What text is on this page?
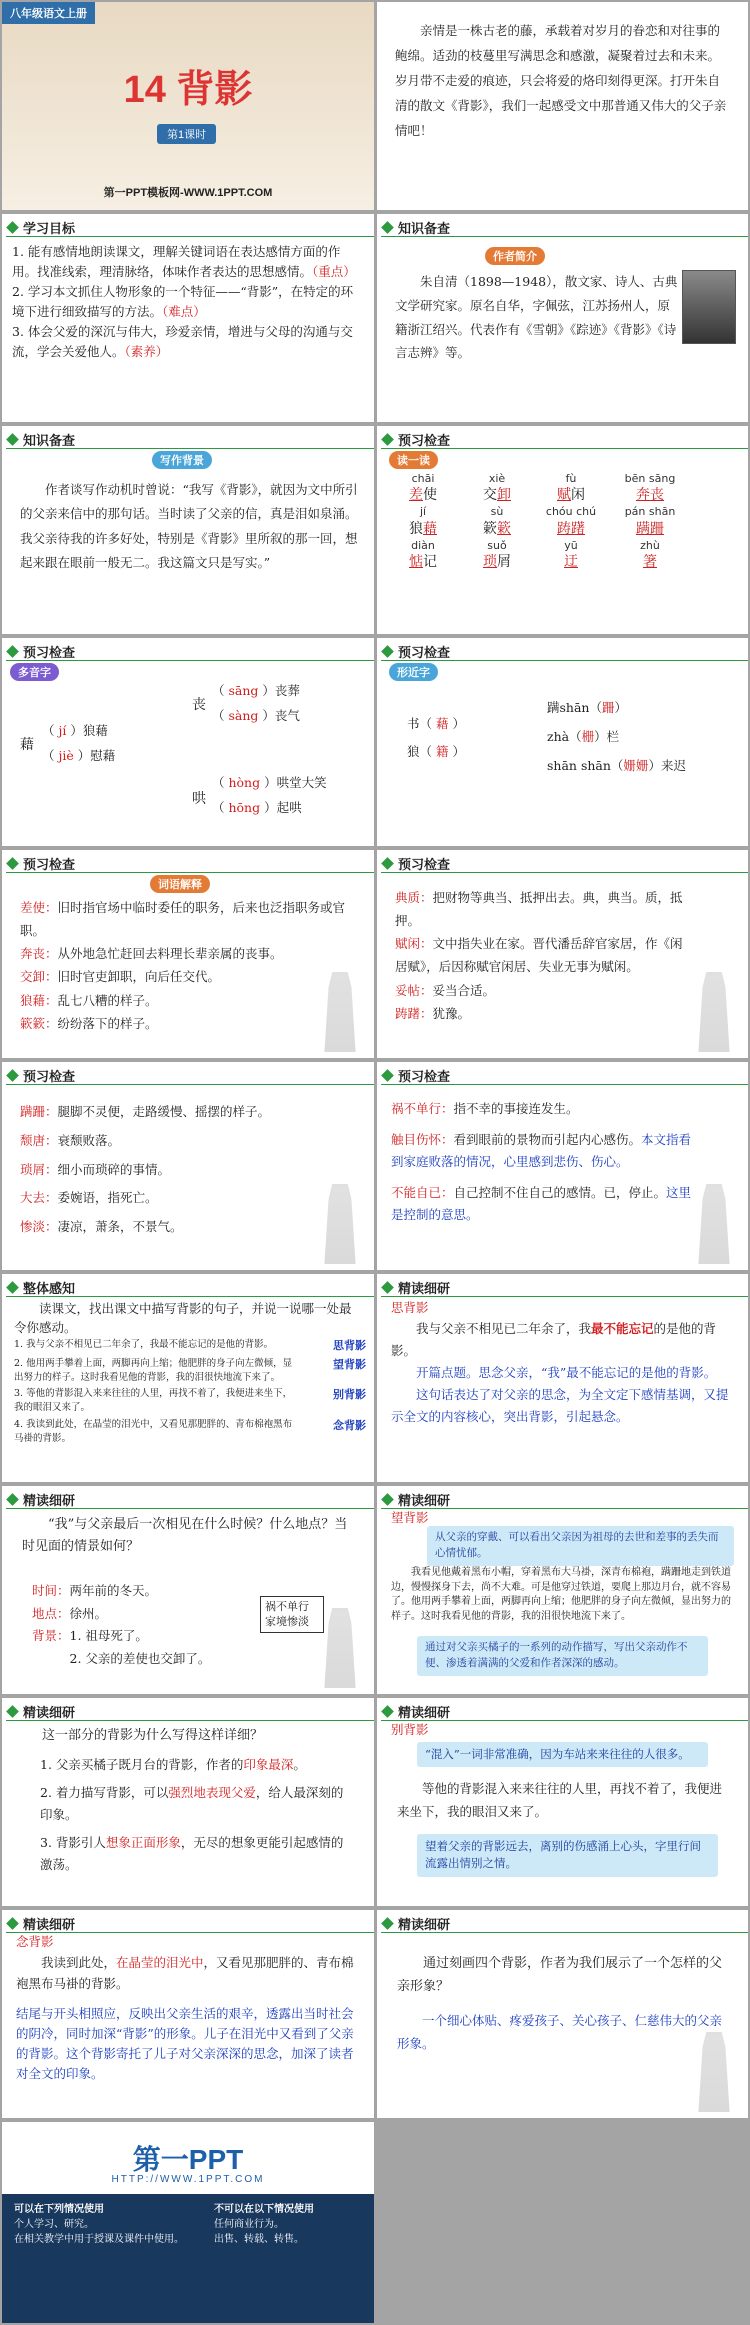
八年级语文上册
14 背影
第1课时
第一PPT模板网-WWW.1PPT.COM

亲情是一株古老的藤，承载着对岁月的眷恋和对往事的鲍绵。适劲的枝蔓里写满思念和感激，凝聚着过去和未来。岁月带不走爱的痕迹，只会将爱的烙印刻得更深。打开朱自清的散文《背影》，我们一起感受文中那普通又伟大的父子亲情吧！

学习目标

1. 能有感情地朗读课文，理解关键词语在表达感情方面的作用。找准线索，理清脉络，体味作者表达的思想感情。（重点）

2. 学习本文抓住人物形象的一个特征——“背影”，在特定的环境下进行细致描写的方法。（难点）

3. 体会父爱的深沉与伟大，珍爱亲情，增进与父母的沟通与交流，学会关爱他人。（素养）

知识备查
作者简介

朱自清（1898—1948），散文家、诗人、古典文学研究家。原名自华，字佩弦，江苏扬州人，原籍浙江绍兴。代表作有《雪朝》《踪迹》《背影》《诗言志辨》等。

知识备查
写作背景

作者谈写作动机时曾说：“我写《背影》，就因为文中所引的父亲来信中的那句话。当时读了父亲的信，真是泪如泉涌。我父亲待我的许多好处，特别是《背影》里所叙的那一回，想起来跟在眼前一般无二。我这篇文只是写实。”

预习检查
读一读
chāi
差使
xiè
交卸
fù
赋闲
bēn sāng
奔丧

jí
狼藉
sù
簌簌
chóu chú
踌躇
pán shān
蹒跚

diàn
惦记
suǒ
琐屑
yū
迂
zhù
箸

预习检查
多音字
藉
（ jí ）狼藉
（ jiè ）慰藉
丧
（ sāng ）丧葬
（ sàng ）丧气
哄
（ hòng ）哄堂大笑
（ hōng ）起哄
预习检查
形近字
书（ 藉 ）
狼（ 籍 ）
蹒shān（跚）
zhà（栅）栏
shān shān（姗姗）来迟
预习检查
词语解释

差使：旧时指官场中临时委任的职务，后来也泛指职务或官职。

奔丧：从外地急忙赶回去料理长辈亲属的丧事。

交卸：旧时官吏卸职，向后任交代。

狼藉：乱七八糟的样子。

簌簌：纷纷落下的样子。

预习检查

典质：把财物等典当、抵押出去。典，典当。质，抵押。

赋闲：文中指失业在家。晋代潘岳辞官家居，作《闲居赋》，后因称赋官闲居、失业无事为赋闲。

妥帖：妥当合适。

踌躇：犹豫。

预习检查

蹒跚：腿脚不灵便，走路缓慢、摇摆的样子。

颓唐：衰颓败落。

琐屑：细小而琐碎的事情。

大去：委婉语，指死亡。

惨淡：凄凉，萧条，不景气。

预习检查

祸不单行：指不幸的事接连发生。

触目伤怀：看到眼前的景物而引起内心感伤。本文指看到家庭败落的情况，心里感到悲伤、伤心。

不能自已：自己控制不住自己的感情。已，停止。这里是控制的意思。

整体感知

读课文，找出课文中描写背影的句子，并说一说哪一处最令你感动。

1. 我与父亲不相见已二年余了，我最不能忘记的是他的背影。	思背影
2. 他用两手攀着上面，两脚再向上缩；他肥胖的身子向左微倾，显出努力的样子。这时我看见他的背影，我的泪很快地流下来了。
望背影
3. 等他的背影混入来来往往的人里，再找不着了，我便进来坐下，我的眼泪又来了。
别背影
4. 我读到此处，在晶莹的泪光中，又看见那肥胖的、青布棉袍黑布马褂的背影。
念背影
精读细研
思背影

我与父亲不相见已二年余了，我最不能忘记的是他的背影。

开篇点题。思念父亲，“我”最不能忘记的是他的背影。

这句话表达了对父亲的思念，为全文定下感情基调，又提示全文的内容核心，突出背影，引起悬念。

精读细研

“我”与父亲最后一次相见在什么时候？什么地点？当时见面的情景如何？

时间：两年前的冬天。

地点：徐州。

背景：1. 祖母死了。

2. 父亲的差使也交卸了。

祸不单行 家境惨淡
精读细研
望背影
从父亲的穿戴、可以看出父亲因为祖母的去世和差事的丢失而心情忧郁。

我看见他戴着黑布小帽，穿着黑布大马褂，深青布棉袍，蹒跚地走到铁道边，慢慢探身下去，尚不大难。可是他穿过铁道，要爬上那边月台，就不容易了。他用两手攀着上面，两脚再向上缩；他肥胖的身子向左微倾，显出努力的样子。这时我看见他的背影，我的泪很快地流下来了。

通过对父亲买橘子的一系列的动作描写，写出父亲动作不便、渗透着满满的父爱和作者深深的感动。
精读细研

这一部分的背影为什么写得这样详细？

1. 父亲买橘子既月台的背影，作者的印象最深。

2. 着力描写背影，可以强烈地表现父爱，给人最深刻的印象。

3. 背影引人想象正面形象，无尽的想象更能引起感情的激荡。

精读细研
别背影
“混入”一词非常准确，因为车站来来往往的人很多。

等他的背影混入来来往往的人里，再找不着了，我便进来坐下，我的眼泪又来了。

望着父亲的背影远去，离别的伤感涌上心头，字里行间流露出情别之情。
精读细研
念背影

我读到此处，在晶莹的泪光中，又看见那肥胖的、青布棉袍黑布马褂的背影。

结尾与开头相照应，反映出父亲生活的艰辛，透露出当时社会的阴冷，同时加深“背影”的形象。儿子在泪光中又看到了父亲的背影。这个背影寄托了儿子对父亲深深的思念，加深了读者对全文的印象。

精读细研

通过刻画四个背影，作者为我们展示了一个怎样的父亲形象？

一个细心体贴、疼爱孩子、关心孩子、仁慈伟大的父亲形象。

第一PPT
HTTP://WWW.1PPT.COM
可以在下列情况使用

个人学习、研究。

在相关教学中用于授课及课件中使用。

不可以在以下情况使用

任何商业行为。

出售、转载、转售。
